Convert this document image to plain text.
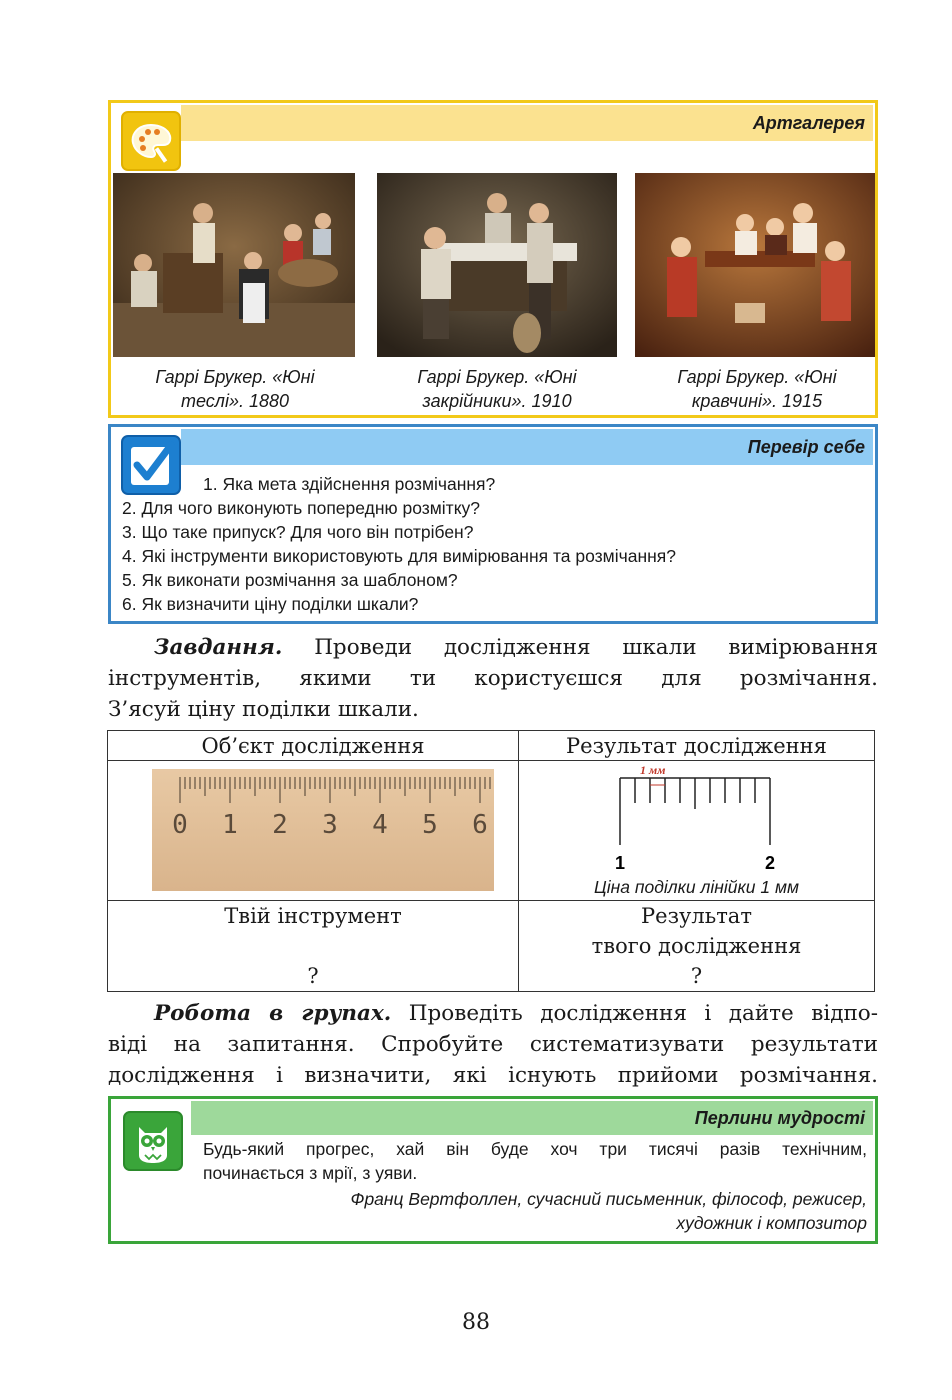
Артгалерея
Гаррі Брукер. «Юні
теслі». 1880
Гаррі Брукер. «Юні
закрійники». 1910
Гаррі Брукер. «Юні
кравчині». 1915
Перевір себе
1. Яка мета здійснення розмічання?
2. Для чого виконують попередню розмітку?
3. Що таке припуск? Для чого він потрібен?
4. Які інструменти використовують для вимірювання та розмічання?
5. Як виконати розмічання за шаблоном?
6. Як визначити ціну поділки шкали?
Завдання. Проведи дослідження шкали вимірювання
інструментів, якими ти користуєшся для розмічання.
З’ясуй ціну поділки шкали.
Об’єкт дослідження	Результат дослідження
0 1 2 3 4 5 6
1 мм
1	2
Ціна поділки лінійки 1 мм
Твій інструмент
?
Результат
твого дослідження
?
Робота в групах. Проведіть дослідження і дайте відпо-
віді на запитання. Спробуйте систематизувати результати
дослідження і визначити, які існують прийоми розмічання.
Перлини мудрості
Будь-який прогрес, хай він буде хоч три тисячі разів технічним,
починається з мрії, з уяви.
Франц Вертфоллен, сучасний письменник, філософ, режисер,
художник і композитор
88
